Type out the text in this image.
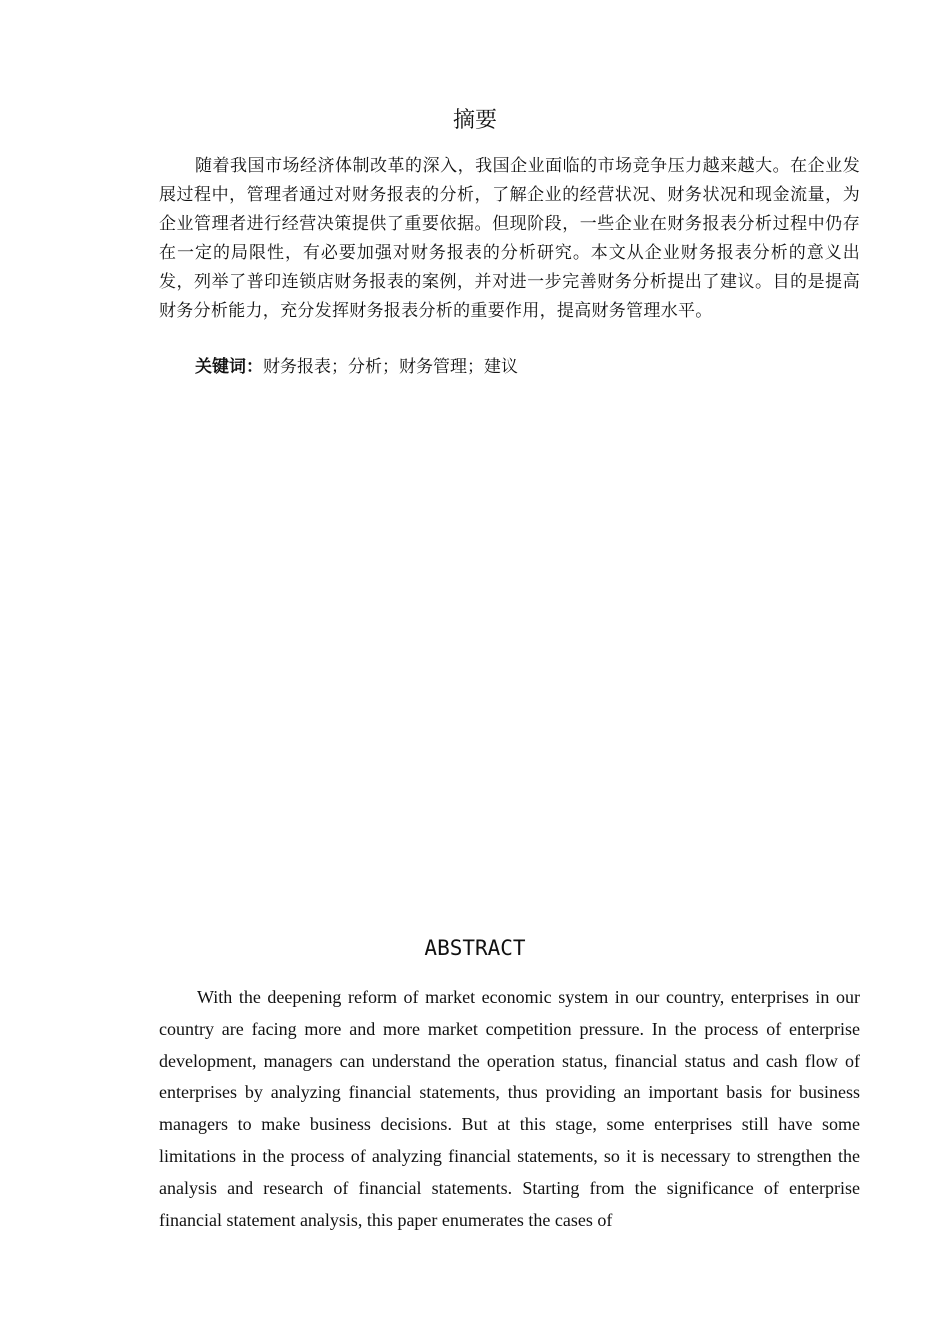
摘要

随着我国市场经济体制改革的深入，我国企业面临的市场竞争压力越来越大。在企业发展过程中，管理者通过对财务报表的分析，了解企业的经营状况、财务状况和现金流量，为企业管理者进行经营决策提供了重要依据。但现阶段，一些企业在财务报表分析过程中仍存在一定的局限性，有必要加强对财务报表的分析研究。本文从企业财务报表分析的意义出发，列举了普印连锁店财务报表的案例，并对进一步完善财务分析提出了建议。目的是提高财务分析能力，充分发挥财务报表分析的重要作用，提高财务管理水平。

关键词：财务报表；分析；财务管理；建议

ABSTRACT

With the deepening reform of market economic system in our country, enterprises in our country are facing more and more market competition pressure. In the process of enterprise development, managers can understand the operation status, financial status and cash flow of enterprises by analyzing financial statements, thus providing an important basis for business managers to make business decisions. But at this stage, some enterprises still have some limitations in the process of analyzing financial statements, so it is necessary to strengthen the analysis and research of financial statements. Starting from the significance of enterprise financial statement analysis, this paper enumerates the cases of
